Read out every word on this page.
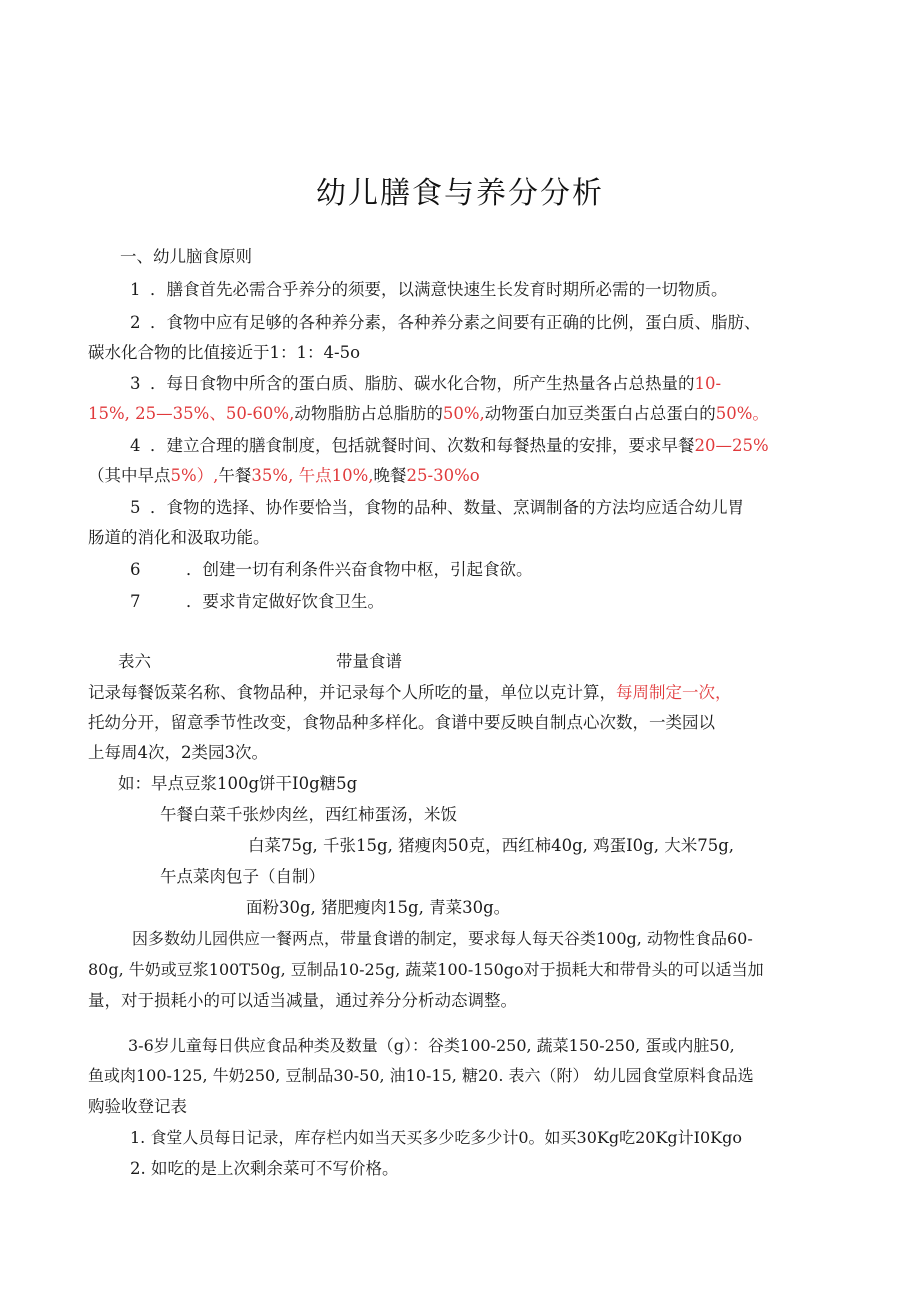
幼儿膳食与养分分析
一、幼儿脑食原则
1 ．膳食首先必需合乎养分的须要，以满意快速生长发育时期所必需的一切物质。
2 ．食物中应有足够的各种养分素，各种养分素之间要有正确的比例，蛋白质、脂肪、
碳水化合物的比值接近于1：1：4-5o
3 ．每日食物中所含的蛋白质、脂肪、碳水化合物，所产生热量各占总热量的10-
15%, 25—35%、50-60%,动物脂肪占总脂肪的50%,动物蛋白加豆类蛋白占总蛋白的50%。
4 ．建立合理的膳食制度，包括就餐时间、次数和每餐热量的安排，要求早餐20—25%
（其中早点5%）,午餐35%, 午点10%,晚餐25-30%o
5 ．食物的选择、协作要恰当，食物的品种、数量、烹调制备的方法均应适合幼儿胃
肠道的消化和汲取功能。
6	．创建一切有利条件兴奋食物中枢，引起食欲。
7	．要求肯定做好饮食卫生。
表六	带量食谱
记录每餐饭菜名称、食物品种，并记录每个人所吃的量，单位以克计算，每周制定一次，
托幼分开，留意季节性改变，食物品种多样化。食谱中要反映自制点心次数，一类园以
上每周4次，2类园3次。
如：早点豆浆100g饼干I0g糖5g
午餐白菜千张炒肉丝，西红柿蛋汤，米饭
白菜75g, 千张15g, 猪瘦肉50克，西红柿40g, 鸡蛋I0g, 大米75g,
午点菜肉包子（自制）
面粉30g, 猪肥瘦肉15g, 青菜30g。
因多数幼儿园供应一餐两点，带量食谱的制定，要求每人每天谷类100g, 动物性食品60-
80g, 牛奶或豆浆100T50g, 豆制品10-25g, 蔬菜100-150go对于损耗大和带骨头的可以适当加
量，对于损耗小的可以适当减量，通过养分分析动态调整。
3-6岁儿童每日供应食品种类及数量（g）：谷类100-250, 蔬菜150-250, 蛋或内脏50,
鱼或肉100-125, 牛奶250, 豆制品30-50, 油10-15, 糖20. 表六（附） 幼儿园食堂原料食品选
购验收登记表
1. 食堂人员每日记录，库存栏内如当天买多少吃多少计0。如买30Kg吃20Kg计I0Kgo
2. 如吃的是上次剩余菜可不写价格。
